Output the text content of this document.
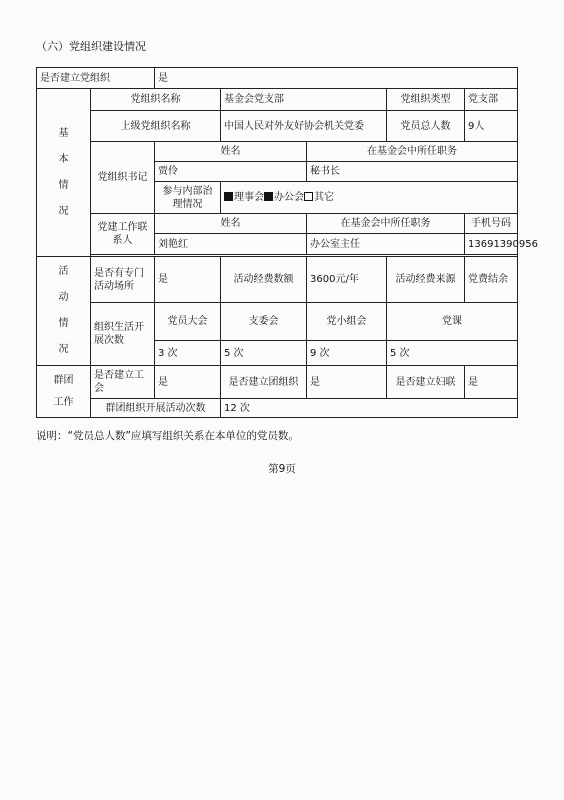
（六）党组织建设情况
是否建立党组织		是				
基
本
情
况	党组织名称		基金会党支部		党组织类型	党支部
	上级党组织名称		中国人民对外友好协会机关党委		党员总人数	9人
	党组织书记	姓名		在基金会中所任职务		
		贾伶		秘书长		
		参与内部治理情况	理事会 办公会 其它			
	党建工作联系人	姓名		在基金会中所任职务		手机号码
		刘艳红		办公室主任		13691390956

活
动
情
况	是否有专门活动场所	是	活动经费数额	3600元/年	活动经费来源	党费结余
	组织生活开展次数	党员大会	支委会	党小组会	党课	
		3 次	5 次	9 次	5 次	
群团
工作	是否建立工会	是	是否建立团组织	是	是否建立妇联	是
	群团组织开展活动次数		12 次			
说明：“党员总人数”应填写组织关系在本单位的党员数。
第9页
